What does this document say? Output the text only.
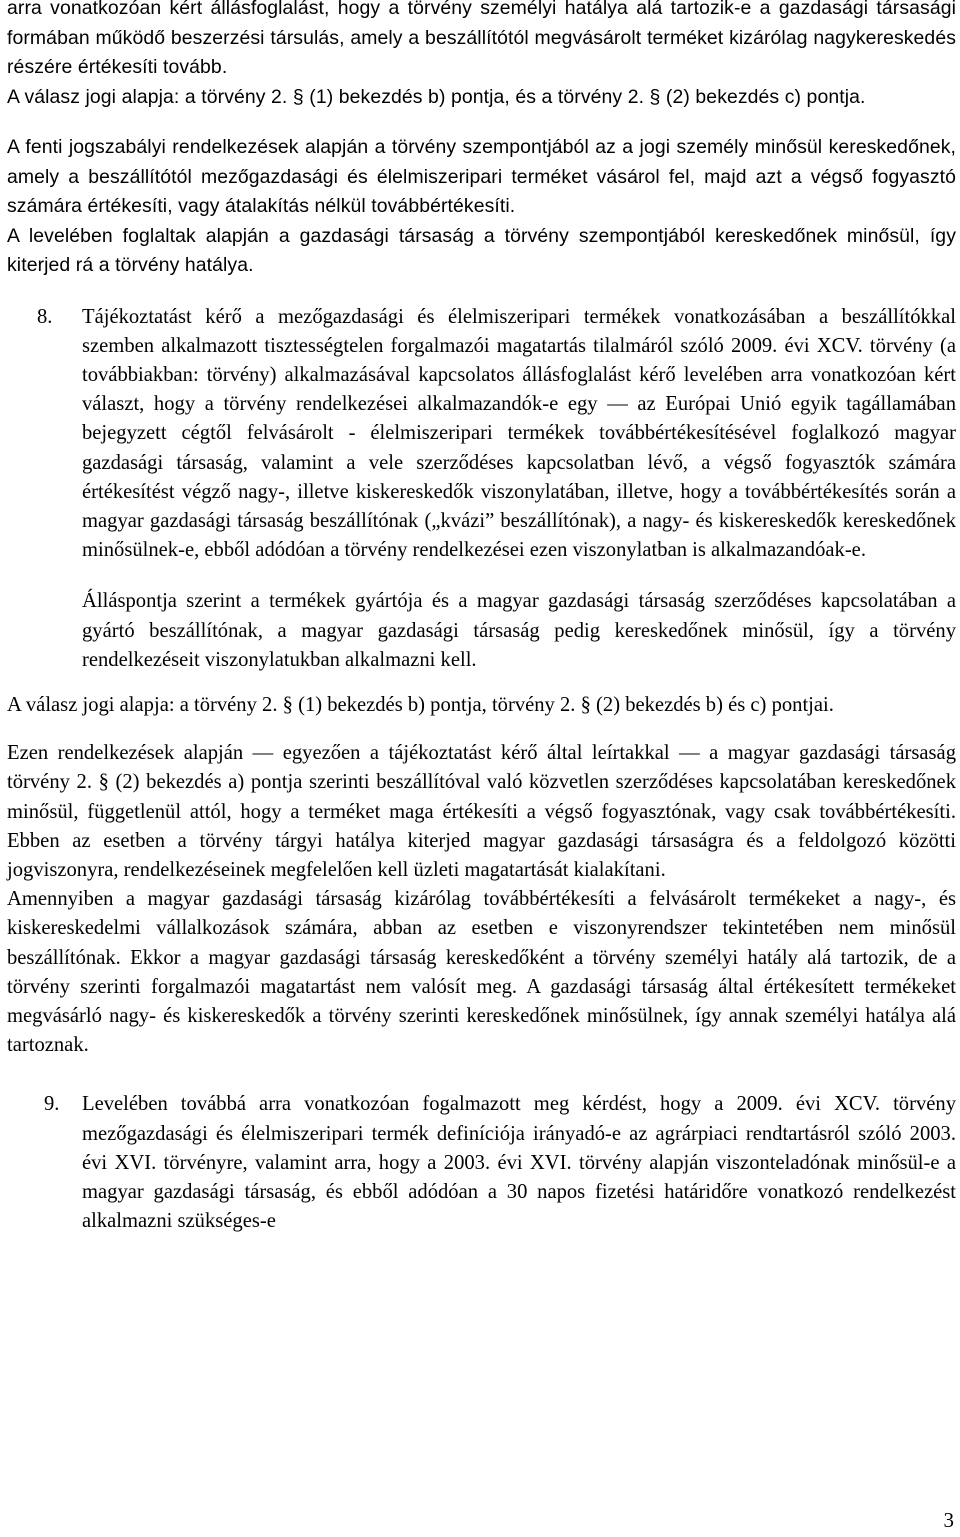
arra vonatkozóan kért állásfoglalást, hogy a törvény személyi hatálya alá tartozik-e a gazdasági társasági formában működő beszerzési társulás, amely a beszállítótól megvásárolt terméket kizárólag nagykereskedés részére értékesíti tovább.

A válasz jogi alapja: a törvény 2. § (1) bekezdés b) pontja, és a törvény 2. § (2) bekezdés c) pontja.

A fenti jogszabályi rendelkezések alapján a törvény szempontjából az a jogi személy minősül kereskedőnek, amely a beszállítótól mezőgazdasági és élelmiszeripari terméket vásárol fel, majd azt a végső fogyasztó számára értékesíti, vagy átalakítás nélkül továbbértékesíti.

A levelében foglaltak alapján a gazdasági társaság a törvény szempontjából kereskedőnek minősül, így kiterjed rá a törvény hatálya.

8. Tájékoztatást kérő a mezőgazdasági és élelmiszeripari termékek vonatkozásában a beszállítókkal szemben alkalmazott tisztességtelen forgalmazói magatartás tilalmáról szóló 2009. évi XCV. törvény (a továbbiakban: törvény) alkalmazásával kapcsolatos állásfoglalást kérő levelében arra vonatkozóan kért választ, hogy a törvény rendelkezései alkalmazandók-e egy — az Európai Unió egyik tagállamában bejegyzett cégtől felvásárolt - élelmiszeripari termékek továbbértékesítésével foglalkozó magyar gazdasági társaság, valamint a vele szerződéses kapcsolatban lévő, a végső fogyasztók számára értékesítést végző nagy-, illetve kiskereskedők viszonylatában, illetve, hogy a továbbértékesítés során a magyar gazdasági társaság beszállítónak („kvázi” beszállítónak), a nagy- és kiskereskedők kereskedőnek minősülnek-e, ebből adódóan a törvény rendelkezései ezen viszonylatban is alkalmazandóak-e.

Álláspontja szerint a termékek gyártója és a magyar gazdasági társaság szerződéses kapcsolatában a gyártó beszállítónak, a magyar gazdasági társaság pedig kereskedőnek minősül, így a törvény rendelkezéseit viszonylatukban alkalmazni kell.

A válasz jogi alapja: a törvény 2. § (1) bekezdés b) pontja, törvény 2. § (2) bekezdés b) és c) pontjai.

Ezen rendelkezések alapján — egyezően a tájékoztatást kérő által leírtakkal — a magyar gazdasági társaság törvény 2. § (2) bekezdés a) pontja szerinti beszállítóval való közvetlen szerződéses kapcsolatában kereskedőnek minősül, függetlenül attól, hogy a terméket maga értékesíti a végső fogyasztónak, vagy csak továbbértékesíti. Ebben az esetben a törvény tárgyi hatálya kiterjed magyar gazdasági társaságra és a feldolgozó közötti jogviszonyra, rendelkezéseinek megfelelően kell üzleti magatartását kialakítani.

Amennyiben a magyar gazdasági társaság kizárólag továbbértékesíti a felvásárolt termékeket a nagy-, és kiskereskedelmi vállalkozások számára, abban az esetben e viszonyrendszer tekintetében nem minősül beszállítónak. Ekkor a magyar gazdasági társaság kereskedőként a törvény személyi hatály alá tartozik, de a törvény szerinti forgalmazói magatartást nem valósít meg. A gazdasági társaság által értékesített termékeket megvásárló nagy- és kiskereskedők a törvény szerinti kereskedőnek minősülnek, így annak személyi hatálya alá tartoznak.

9. Levelében továbbá arra vonatkozóan fogalmazott meg kérdést, hogy a 2009. évi XCV. törvény mezőgazdasági és élelmiszeripari termék definíciója irányadó-e az agrárpiaci rendtartásról szóló 2003. évi XVI. törvényre, valamint arra, hogy a 2003. évi XVI. törvény alapján viszonteladónak minősül-e a magyar gazdasági társaság, és ebből adódóan a 30 napos fizetési határidőre vonatkozó rendelkezést alkalmazni szükséges-e

3
